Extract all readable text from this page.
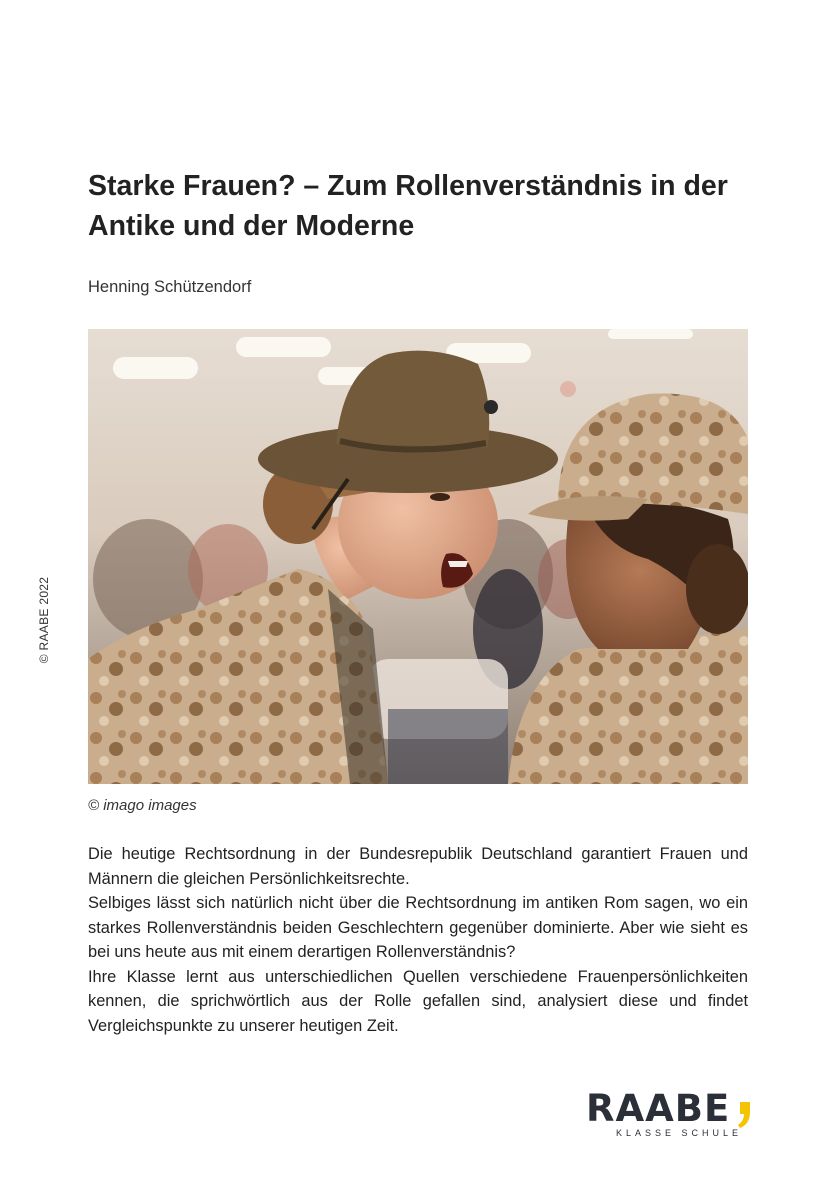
© RAABE 2022
Starke Frauen? – Zum Rollenverständnis in der Antike und der Moderne
Henning Schützendorf
© imago images

Die heutige Rechtsordnung in der Bundesrepublik Deutschland garantiert Frauen und Männern die gleichen Persönlichkeitsrechte.

Selbiges lässt sich natürlich nicht über die Rechtsordnung im antiken Rom sagen, wo ein starkes Rollenverständnis beiden Geschlechtern gegenüber dominierte. Aber wie sieht es bei uns heute aus mit einem derartigen Rollenverständnis?

Ihre Klasse lernt aus unterschiedlichen Quellen verschiedene Frauenpersönlichkeiten kennen, die sprichwörtlich aus der Rolle gefallen sind, analysiert diese und findet Vergleichspunkte zu unserer heutigen Zeit.

RAABE
KLASSE SCHULE
